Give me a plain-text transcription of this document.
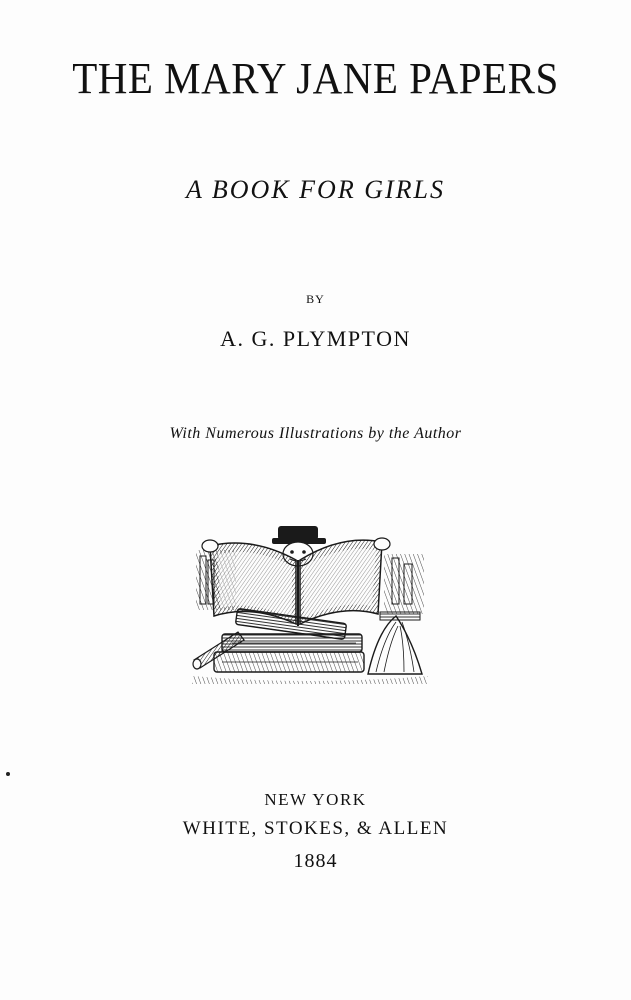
THE MARY JANE PAPERS
A BOOK FOR GIRLS
BY
A. G. PLYMPTON
With Numerous Illustrations by the Author
NEW YORK
WHITE, STOKES, & ALLEN
1884
